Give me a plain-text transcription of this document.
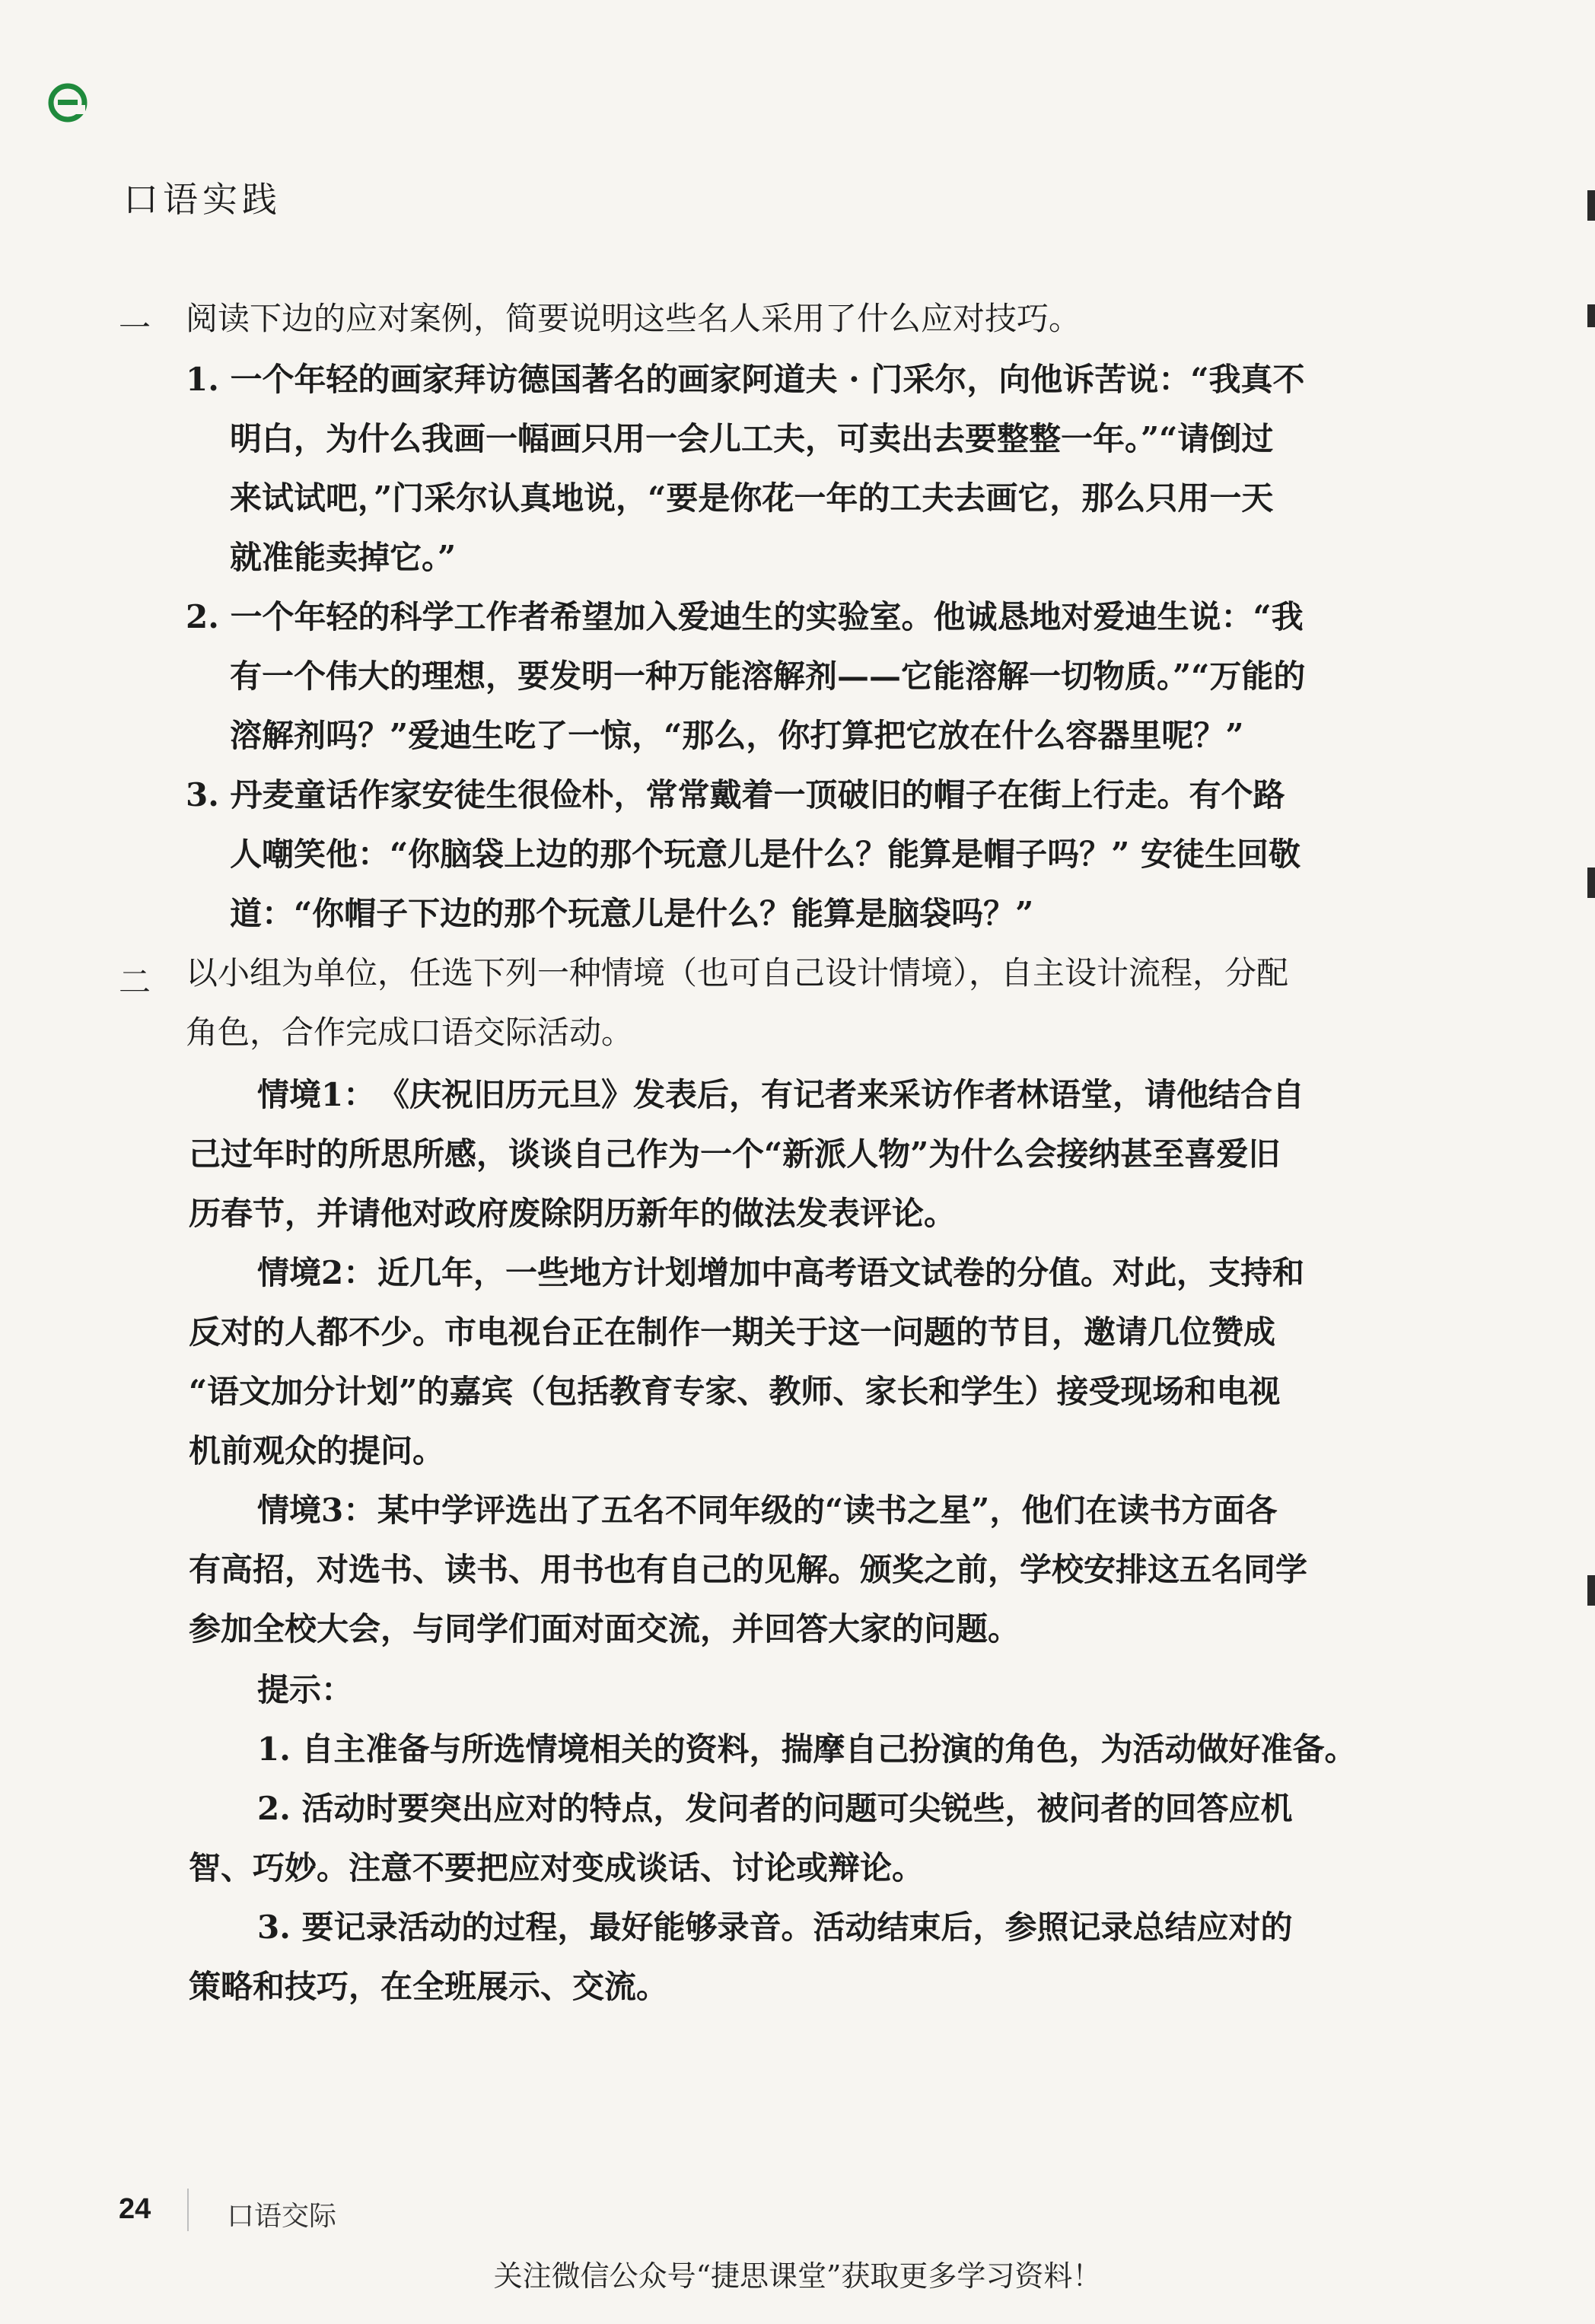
口语实践
一 阅读下边的应对案例，简要说明这些名人采用了什么应对技巧。
1. 一个年轻的画家拜访德国著名的画家阿道夫 · 门采尔，向他诉苦说：“我真不
明白，为什么我画一幅画只用一会儿工夫，可卖出去要整整一年。”“请倒过
来试试吧，”门采尔认真地说，“要是你花一年的工夫去画它，那么只用一天
就准能卖掉它。”
2. 一个年轻的科学工作者希望加入爱迪生的实验室。他诚恳地对爱迪生说：“我
有一个伟大的理想，要发明一种万能溶解剂——它能溶解一切物质。”“万能的
溶解剂吗？”爱迪生吃了一惊，“那么，你打算把它放在什么容器里呢？”
3. 丹麦童话作家安徒生很俭朴，常常戴着一顶破旧的帽子在街上行走。有个路
人嘲笑他：“你脑袋上边的那个玩意儿是什么？能算是帽子吗？” 安徒生回敬
道：“你帽子下边的那个玩意儿是什么？能算是脑袋吗？”
二 以小组为单位，任选下列一种情境（也可自己设计情境），自主设计流程，分配
角色，合作完成口语交际活动。
情境1： 《庆祝旧历元旦》发表后，有记者来采访作者林语堂，请他结合自
己过年时的所思所感，谈谈自己作为一个“新派人物”为什么会接纳甚至喜爱旧
历春节，并请他对政府废除阴历新年的做法发表评论。
情境2： 近几年，一些地方计划增加中高考语文试卷的分值。对此，支持和
反对的人都不少。市电视台正在制作一期关于这一问题的节目，邀请几位赞成
“语文加分计划”的嘉宾（包括教育专家、教师、家长和学生）接受现场和电视
机前观众的提问。
情境3： 某中学评选出了五名不同年级的“读书之星”，他们在读书方面各
有高招，对选书、读书、用书也有自己的见解。颁奖之前，学校安排这五名同学
参加全校大会，与同学们面对面交流，并回答大家的问题。
提示：
1. 自主准备与所选情境相关的资料，揣摩自己扮演的角色，为活动做好准备。
2. 活动时要突出应对的特点，发问者的问题可尖锐些，被问者的回答应机
智、巧妙。注意不要把应对变成谈话、讨论或辩论。
3. 要记录活动的过程，最好能够录音。活动结束后，参照记录总结应对的
策略和技巧，在全班展示、交流。
24	口语交际
关注微信公众号“捷思课堂”获取更多学习资料！
